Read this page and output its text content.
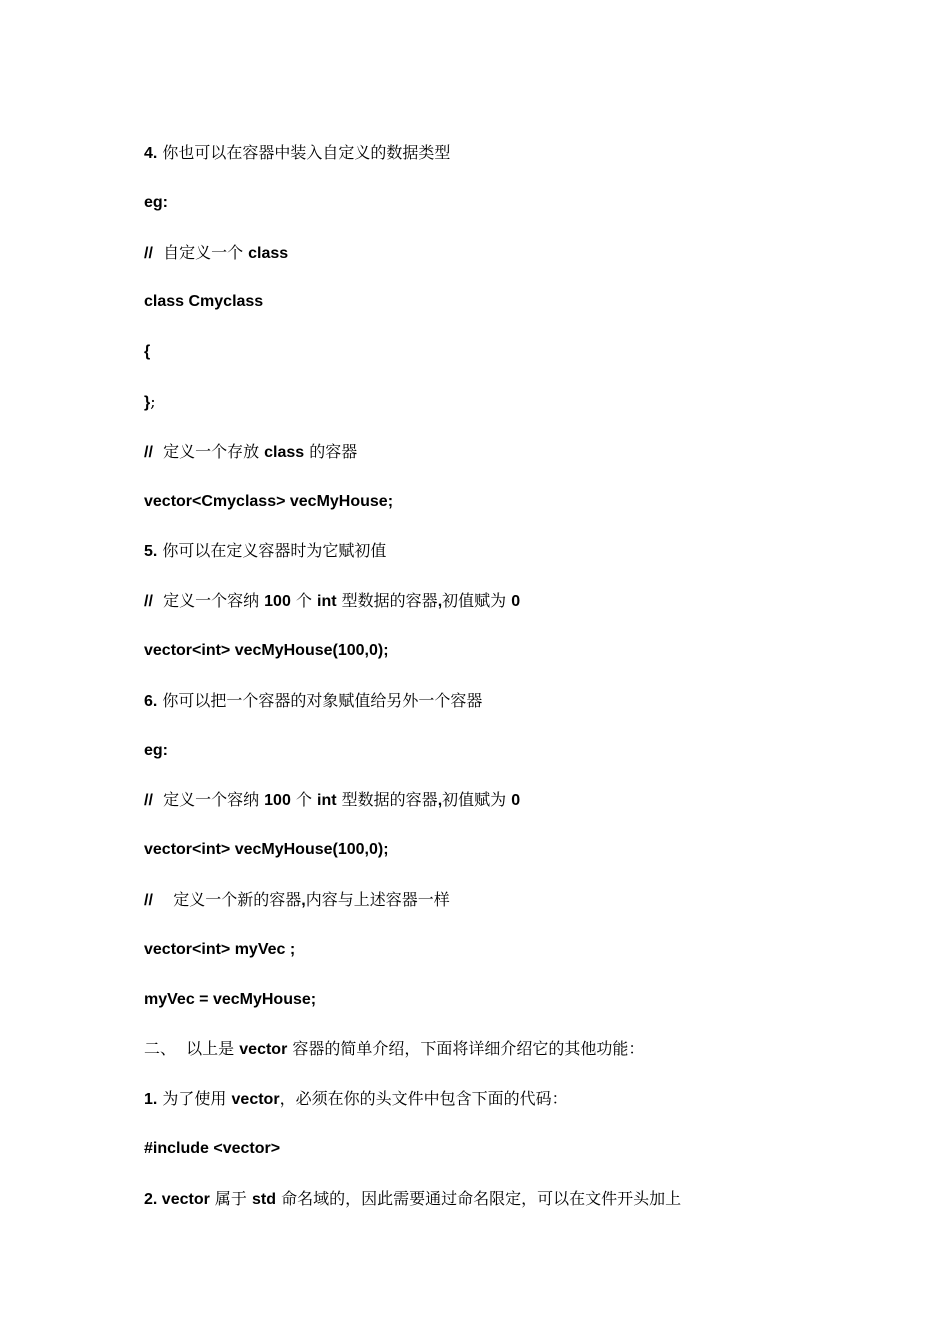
4. 你也可以在容器中装入自定义的数据类型
eg:
//  自定义一个 class
class Cmyclass
{
};
//  定义一个存放 class 的容器
vector<Cmyclass> vecMyHouse;
5. 你可以在定义容器时为它赋初值
//  定义一个容纳 100 个 int 型数据的容器,初值赋为 0
vector<int> vecMyHouse(100,0);
6. 你可以把一个容器的对象赋值给另外一个容器
eg:
//  定义一个容纳 100 个 int 型数据的容器,初值赋为 0
vector<int> vecMyHouse(100,0);
//    定义一个新的容器,内容与上述容器一样
vector<int> myVec ;
myVec = vecMyHouse;
二、  以上是 vector 容器的简单介绍，下面将详细介绍它的其他功能：
1. 为了使用 vector，必须在你的头文件中包含下面的代码：
#include <vector>
2. vector 属于 std 命名域的，因此需要通过命名限定，可以在文件开头加上
